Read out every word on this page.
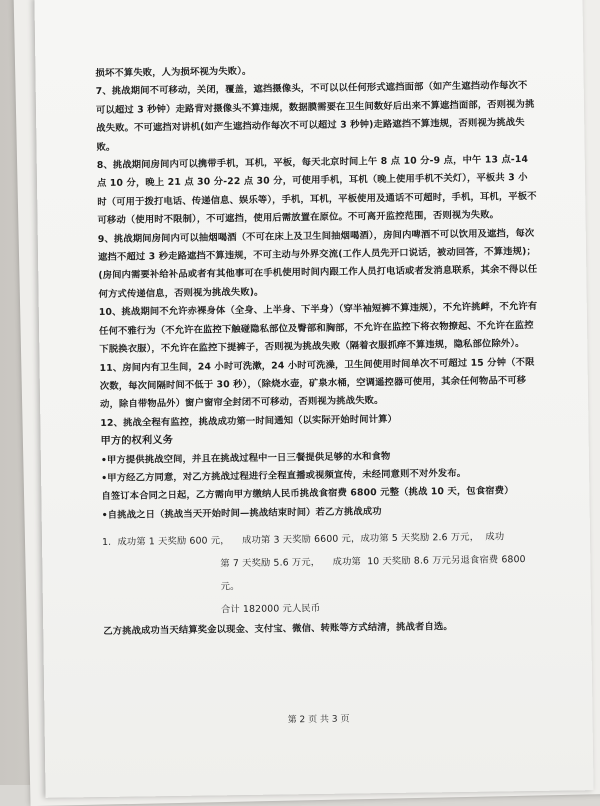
损坏不算失败，人为损坏视为失败）。

7、挑战期间不可移动，关闭，覆盖，遮挡摄像头，不可以以任何形式遮挡面部（如产生遮挡动作每次不可以超过 3 秒钟）走路背对摄像头不算违规，数据膜需要在卫生间数好后出来不算遮挡面部，否则视为挑战失败。不可遮挡对讲机(如产生遮挡动作每次不可以超过 3 秒钟)走路遮挡不算违规，否则视为挑战失败。

8、挑战期间房间内可以携带手机，耳机，平板，每天北京时间上午 8 点 10 分-9 点，中午 13 点-14 点 10 分，晚上 21 点 30 分-22 点 30 分，可使用手机，耳机（晚上使用手机不关灯），平板共 3 小时（可用于拨打电话、传递信息、娱乐等），手机，耳机，平板使用及通话不可超时，手机，耳机，平板不可移动（使用时不限制），不可遮挡，使用后需放置在原位。不可离开监控范围，否则视为失败。

9、挑战期间房间内可以抽烟喝酒（不可在床上及卫生间抽烟喝酒），房间内啤酒不可以饮用及遮挡，每次遮挡不超过 3 秒走路遮挡不算违规，不可主动与外界交流(工作人员先开口说话，被动回答，不算违规)；(房间内需要补给补品或者有其他事可在手机使用时间内跟工作人员打电话或者发消息联系，其余不得以任何方式传递信息，否则视为挑战失败)。

10、挑战期间不允许赤裸身体（全身、上半身、下半身）（穿半袖短裤不算违规），不允许挑衅，不允许有任何不雅行为（不允许在监控下触碰隐私部位及臀部和胸部，不允许在监控下将衣物撩起、不允许在监控下脱换衣服），不允许在监控下提裤子，否则视为挑战失败（隔着衣服抓痒不算违规，隐私部位除外）。

11、房间内有卫生间，24 小时可洗漱，24 小时可洗澡，卫生间使用时间单次不可超过 15 分钟（不限次数，每次间隔时间不低于 30 秒），（除烧水壶，矿泉水桶，空调遥控器可使用，其余任何物品不可移动，除自带物品外）窗户窗帘全封闭不可移动，否则视为挑战失败。

12、挑战全程有监控，挑战成功第一时间通知（以实际开始时间计算）

甲方的权利义务

•甲方提供挑战空间，并且在挑战过程中一日三餐提供足够的水和食物

•甲方经乙方同意，对乙方挑战过程进行全程直播或视频宣传，未经同意则不对外发布。

自签订本合同之日起，乙方需向甲方缴纳人民币挑战食宿费 6800 元整（挑战 10 天，包食宿费）

•自挑战之日（挑战当天开始时间—挑战结束时间）若乙方挑战成功

1.  成功第 1 天奖励 600 元，    成功第 3 天奖励 6600 元，成功第 5 天奖励 2.6 万元，  成功

第 7 天奖励 5.6 万元，    成功第  10 天奖励 8.6 万元另退食宿费 6800 元。

合计 182000 元人民币

乙方挑战成功当天结算奖金以现金、支付宝、微信、转账等方式结清，挑战者自选。

第 2 页 共 3 页
